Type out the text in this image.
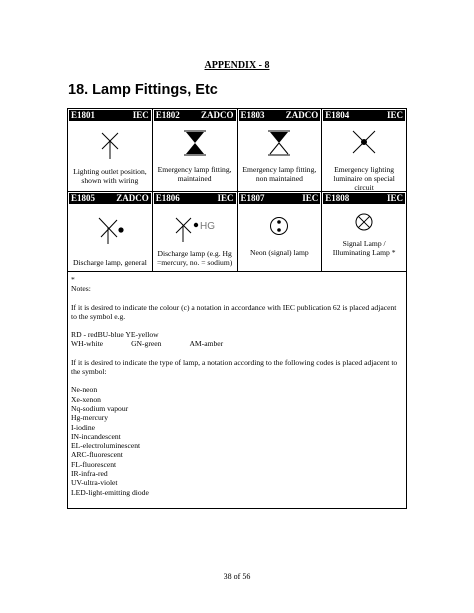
APPENDIX - 8
18. Lamp Fittings, Etc
E1801	IEC
Lighting outlet position, shown with wiring
E1802 ZADCO
Emergency lamp fitting, maintained
E1803 ZADCO
Emergency lamp fitting, non maintained
E1804	IEC
Emergency lighting luminaire on special circuit
E1805 ZADCO
Discharge lamp, general
E1806	IEC
HG
Discharge lamp (e.g. Hg =mercury, no. = sodium)
E1807	IEC
Neon (signal) lamp
E1808	IEC
Signal Lamp / Illuminating Lamp *
*
Notes:
If it is desired to indicate the colour (c) a notation in accordance with IEC publication 62 is placed adjacent to the symbol e.g.
RD - redBU-blue YE-yellow
WH-white	GN-green	AM-amber
If it is desired to indicate the type of lamp, a notation according to the following codes is placed adjacent to the symbol:
Ne-neon
Xe-xenon
Nq-sodium vapour
Hg-mercury
I-iodine
IN-incandescent
EL-electroluminescent
ARC-fluorescent
FL-fluorescent
IR-infra-red
UV-ultra-violet
LED-light-emitting diode
38 of 56
